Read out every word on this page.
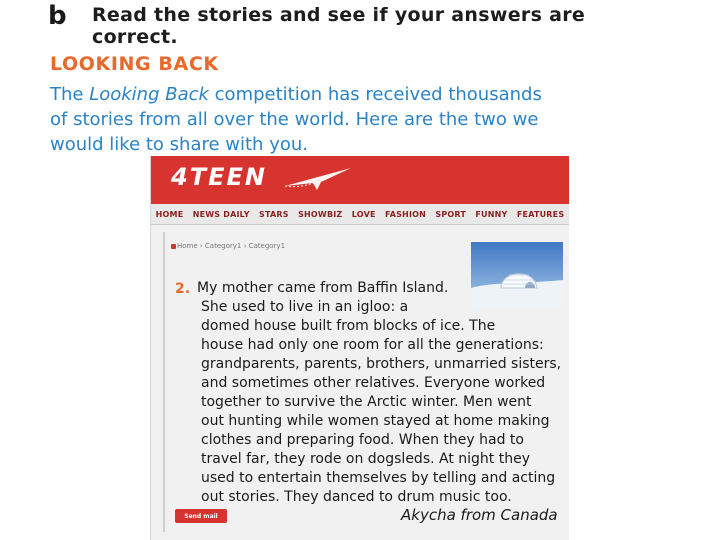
b Read the stories and see if your answers are
correct.
LOOKING BACK
The Looking Back competition has received thousands
of stories from all over the world. Here are the two we
would like to share with you.
4TEEN
HOME NEWS DAILY STARS SHOWBIZ LOVE FASHION SPORT FUNNY FEATURES
Home › Category1 › Category1
2. My mother came from Baffin Island.
She used to live in an igloo: a
domed house built from blocks of ice. The
house had only one room for all the generations:
grandparents, parents, brothers, unmarried sisters,
and sometimes other relatives. Everyone worked
together to survive the Arctic winter. Men went
out hunting while women stayed at home making
clothes and preparing food. When they had to
travel far, they rode on dogsleds. At night they
used to entertain themselves by telling and acting
out stories. They danced to drum music too.
Send mail	Akycha from Canada
